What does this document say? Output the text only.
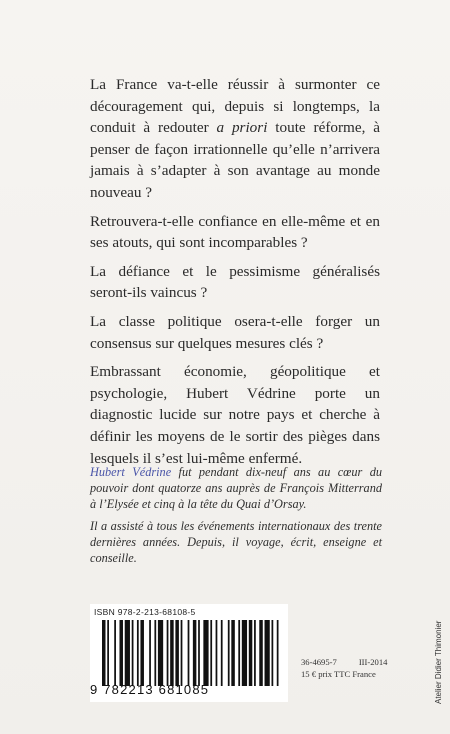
La France va-t-elle réussir à surmonter ce découragement qui, depuis si longtemps, la conduit à redouter a priori toute réforme, à penser de façon irrationnelle qu’elle n’arrivera jamais à s’adapter à son avantage au monde nouveau ?

Retrouvera-t-elle confiance en elle-même et en ses atouts, qui sont incomparables ?

La défiance et le pessimisme généralisés seront-ils vaincus ?

La classe politique osera-t-elle forger un consensus sur quelques mesures clés ?

Embrassant économie, géopolitique et psychologie, Hubert Védrine porte un diagnostic lucide sur notre pays et cherche à définir les moyens de le sortir des pièges dans lesquels il s’est lui-même enfermé.

Hubert Védrine fut pendant dix-neuf ans au cœur du pouvoir dont quatorze ans auprès de François Mitterrand à l’Elysée et cinq à la tête du Quai d’Orsay.

Il a assisté à tous les événements internationaux des trente dernières années. Depuis, il voyage, écrit, enseigne et conseille.

ISBN 978-2-213-68108-5
9 782213 681085
36-4695-7	III-2014
15 € prix TTC France	Atelier Didier Thimonier
